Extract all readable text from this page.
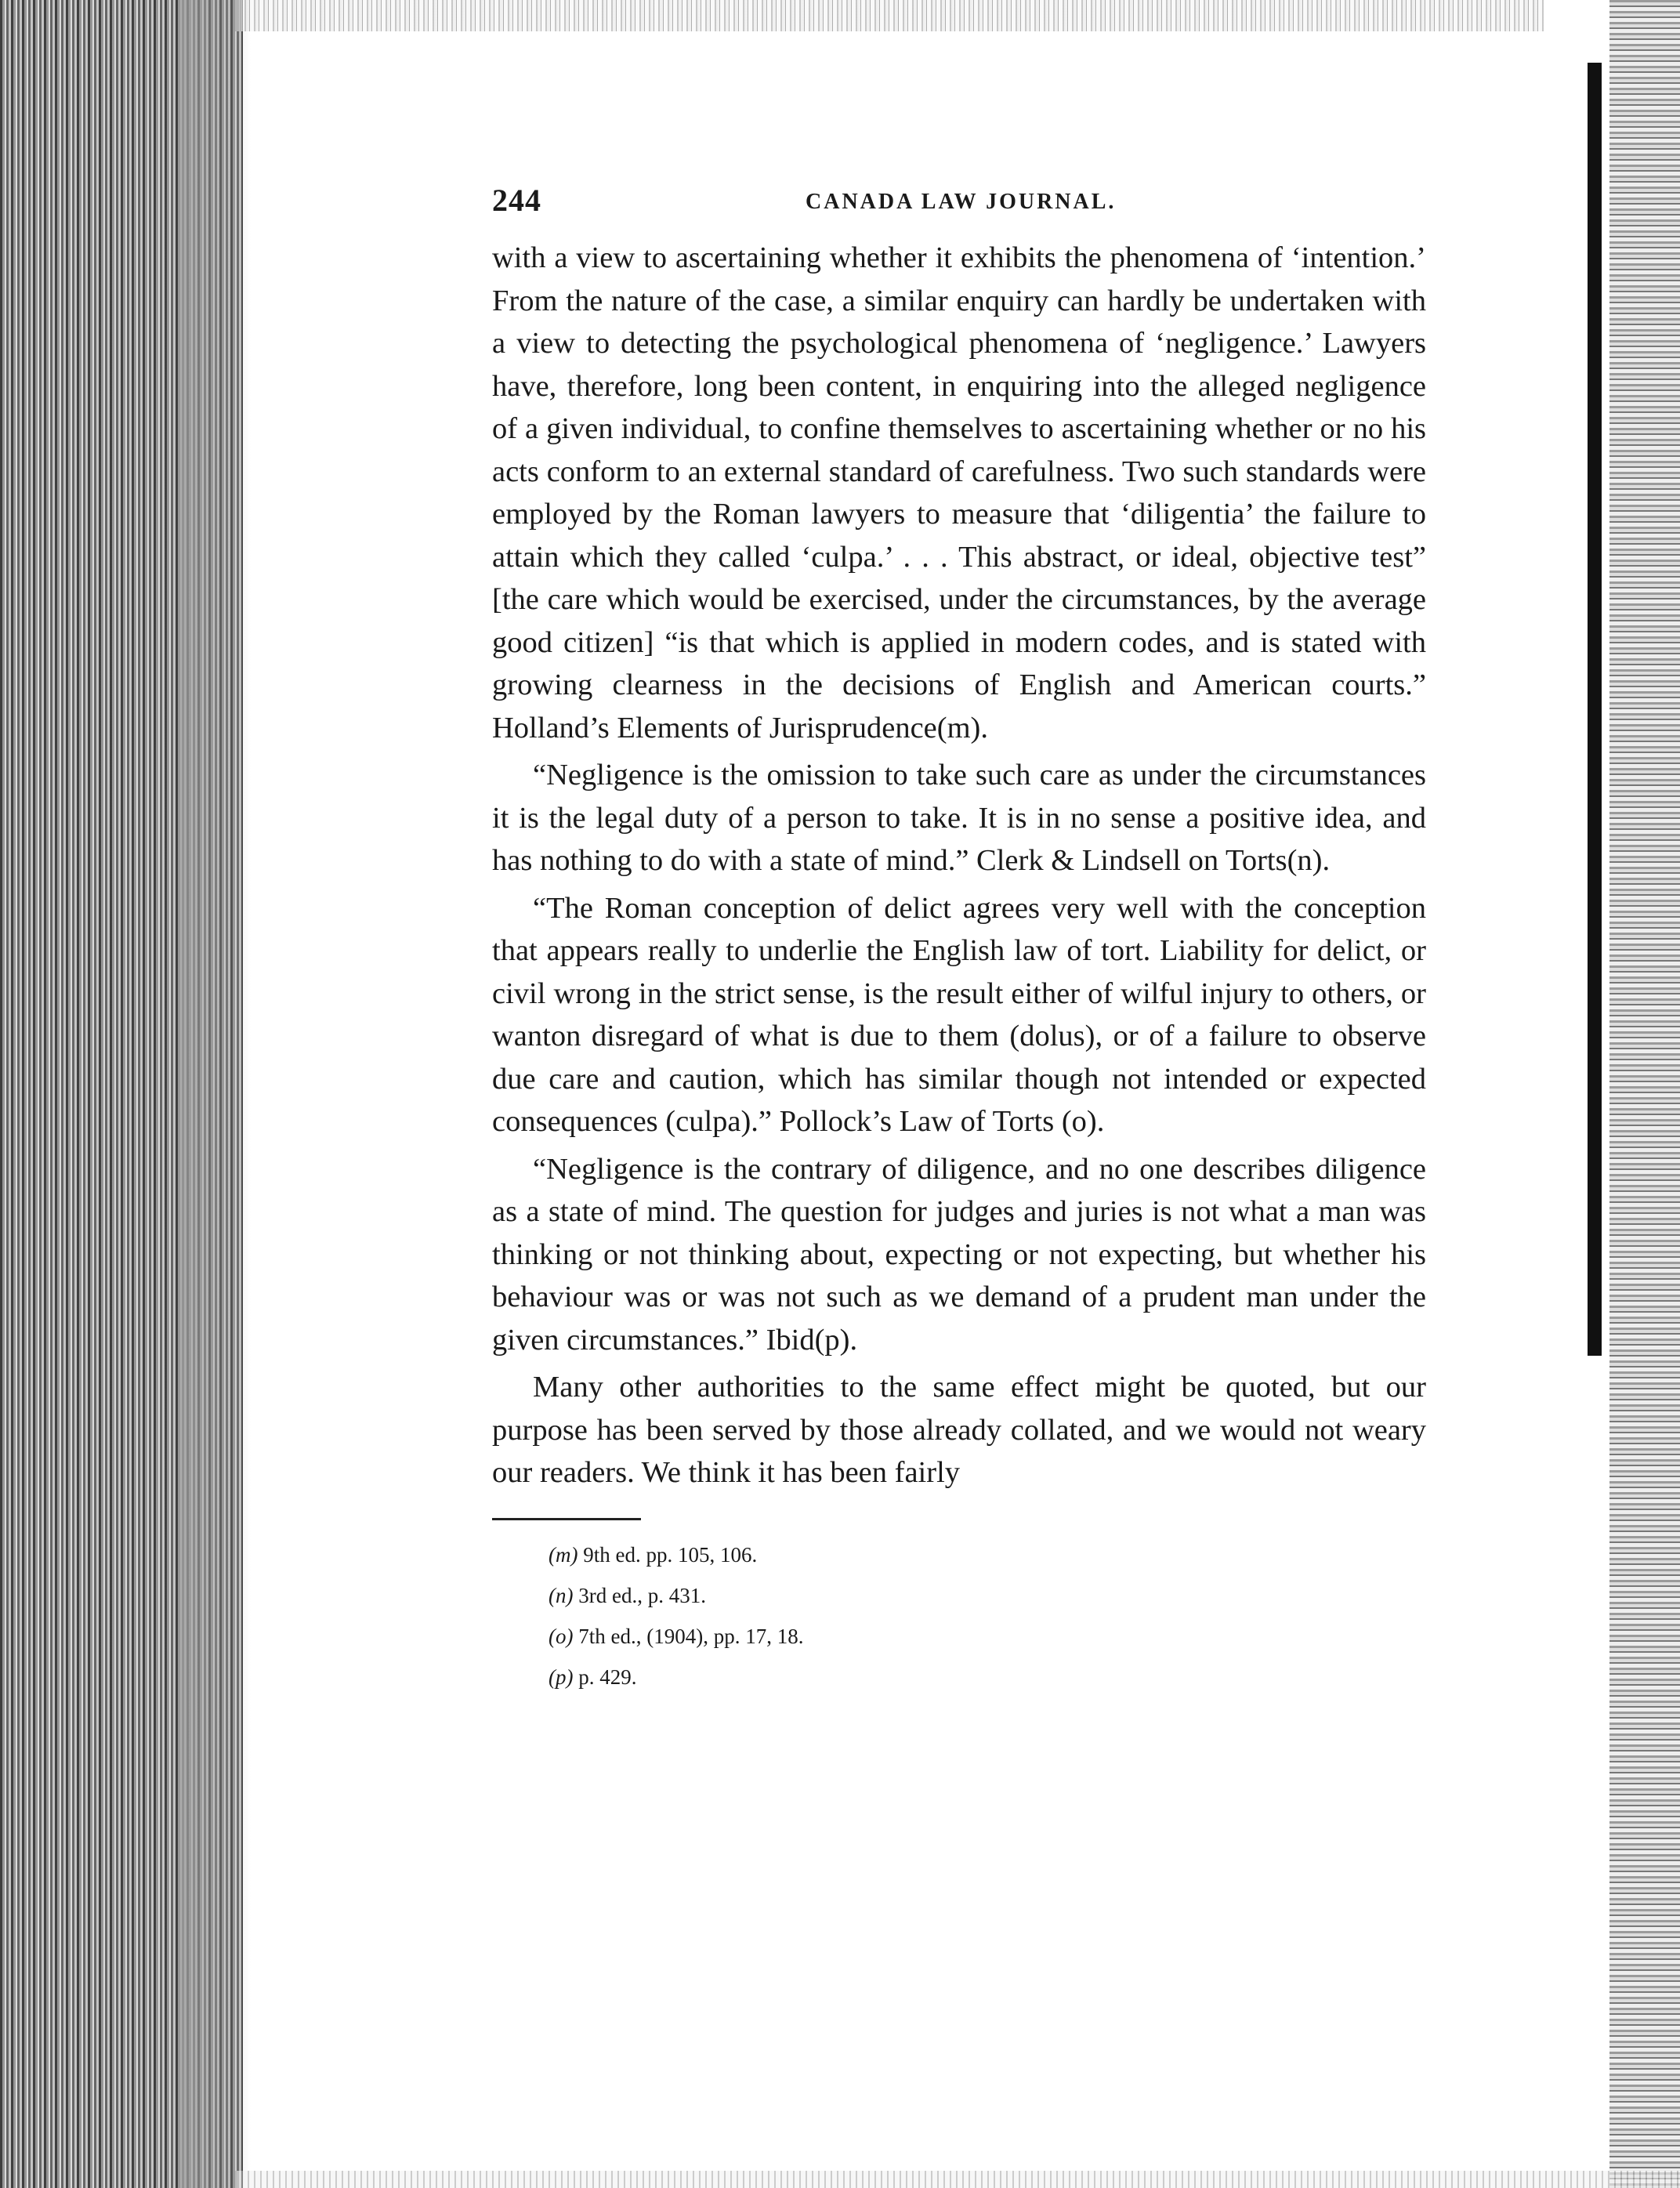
244	CANADA LAW JOURNAL.

with a view to ascertaining whether it exhibits the phenomena of ‘intention.’ From the nature of the case, a similar enquiry can hardly be undertaken with a view to detecting the psychological phenomena of ‘negligence.’ Lawyers have, therefore, long been content, in enquiring into the alleged negligence of a given individual, to confine themselves to ascertaining whether or no his acts conform to an external standard of carefulness. Two such standards were employed by the Roman lawyers to measure that ‘diligentia’ the failure to attain which they called ‘culpa.’ . . . This abstract, or ideal, objective test” [the care which would be exercised, under the circumstances, by the average good citizen] “is that which is applied in modern codes, and is stated with growing clearness in the decisions of English and American courts.” Holland’s Elements of Jurisprudence(m).

“Negligence is the omission to take such care as under the circumstances it is the legal duty of a person to take. It is in no sense a positive idea, and has nothing to do with a state of mind.” Clerk & Lindsell on Torts(n).

“The Roman conception of delict agrees very well with the conception that appears really to underlie the English law of tort. Liability for delict, or civil wrong in the strict sense, is the result either of wilful injury to others, or wanton disregard of what is due to them (dolus), or of a failure to observe due care and caution, which has similar though not intended or expected consequences (culpa).” Pollock’s Law of Torts (o).

“Negligence is the contrary of diligence, and no one describes diligence as a state of mind. The question for judges and juries is not what a man was thinking or not thinking about, expecting or not expecting, but whether his behaviour was or was not such as we demand of a prudent man under the given circumstances.” Ibid(p).

Many other authorities to the same effect might be quoted, but our purpose has been served by those already collated, and we would not weary our readers. We think it has been fairly

(m) 9th ed. pp. 105, 106.
(n) 3rd ed., p. 431.
(o) 7th ed., (1904), pp. 17, 18.
(p) p. 429.
